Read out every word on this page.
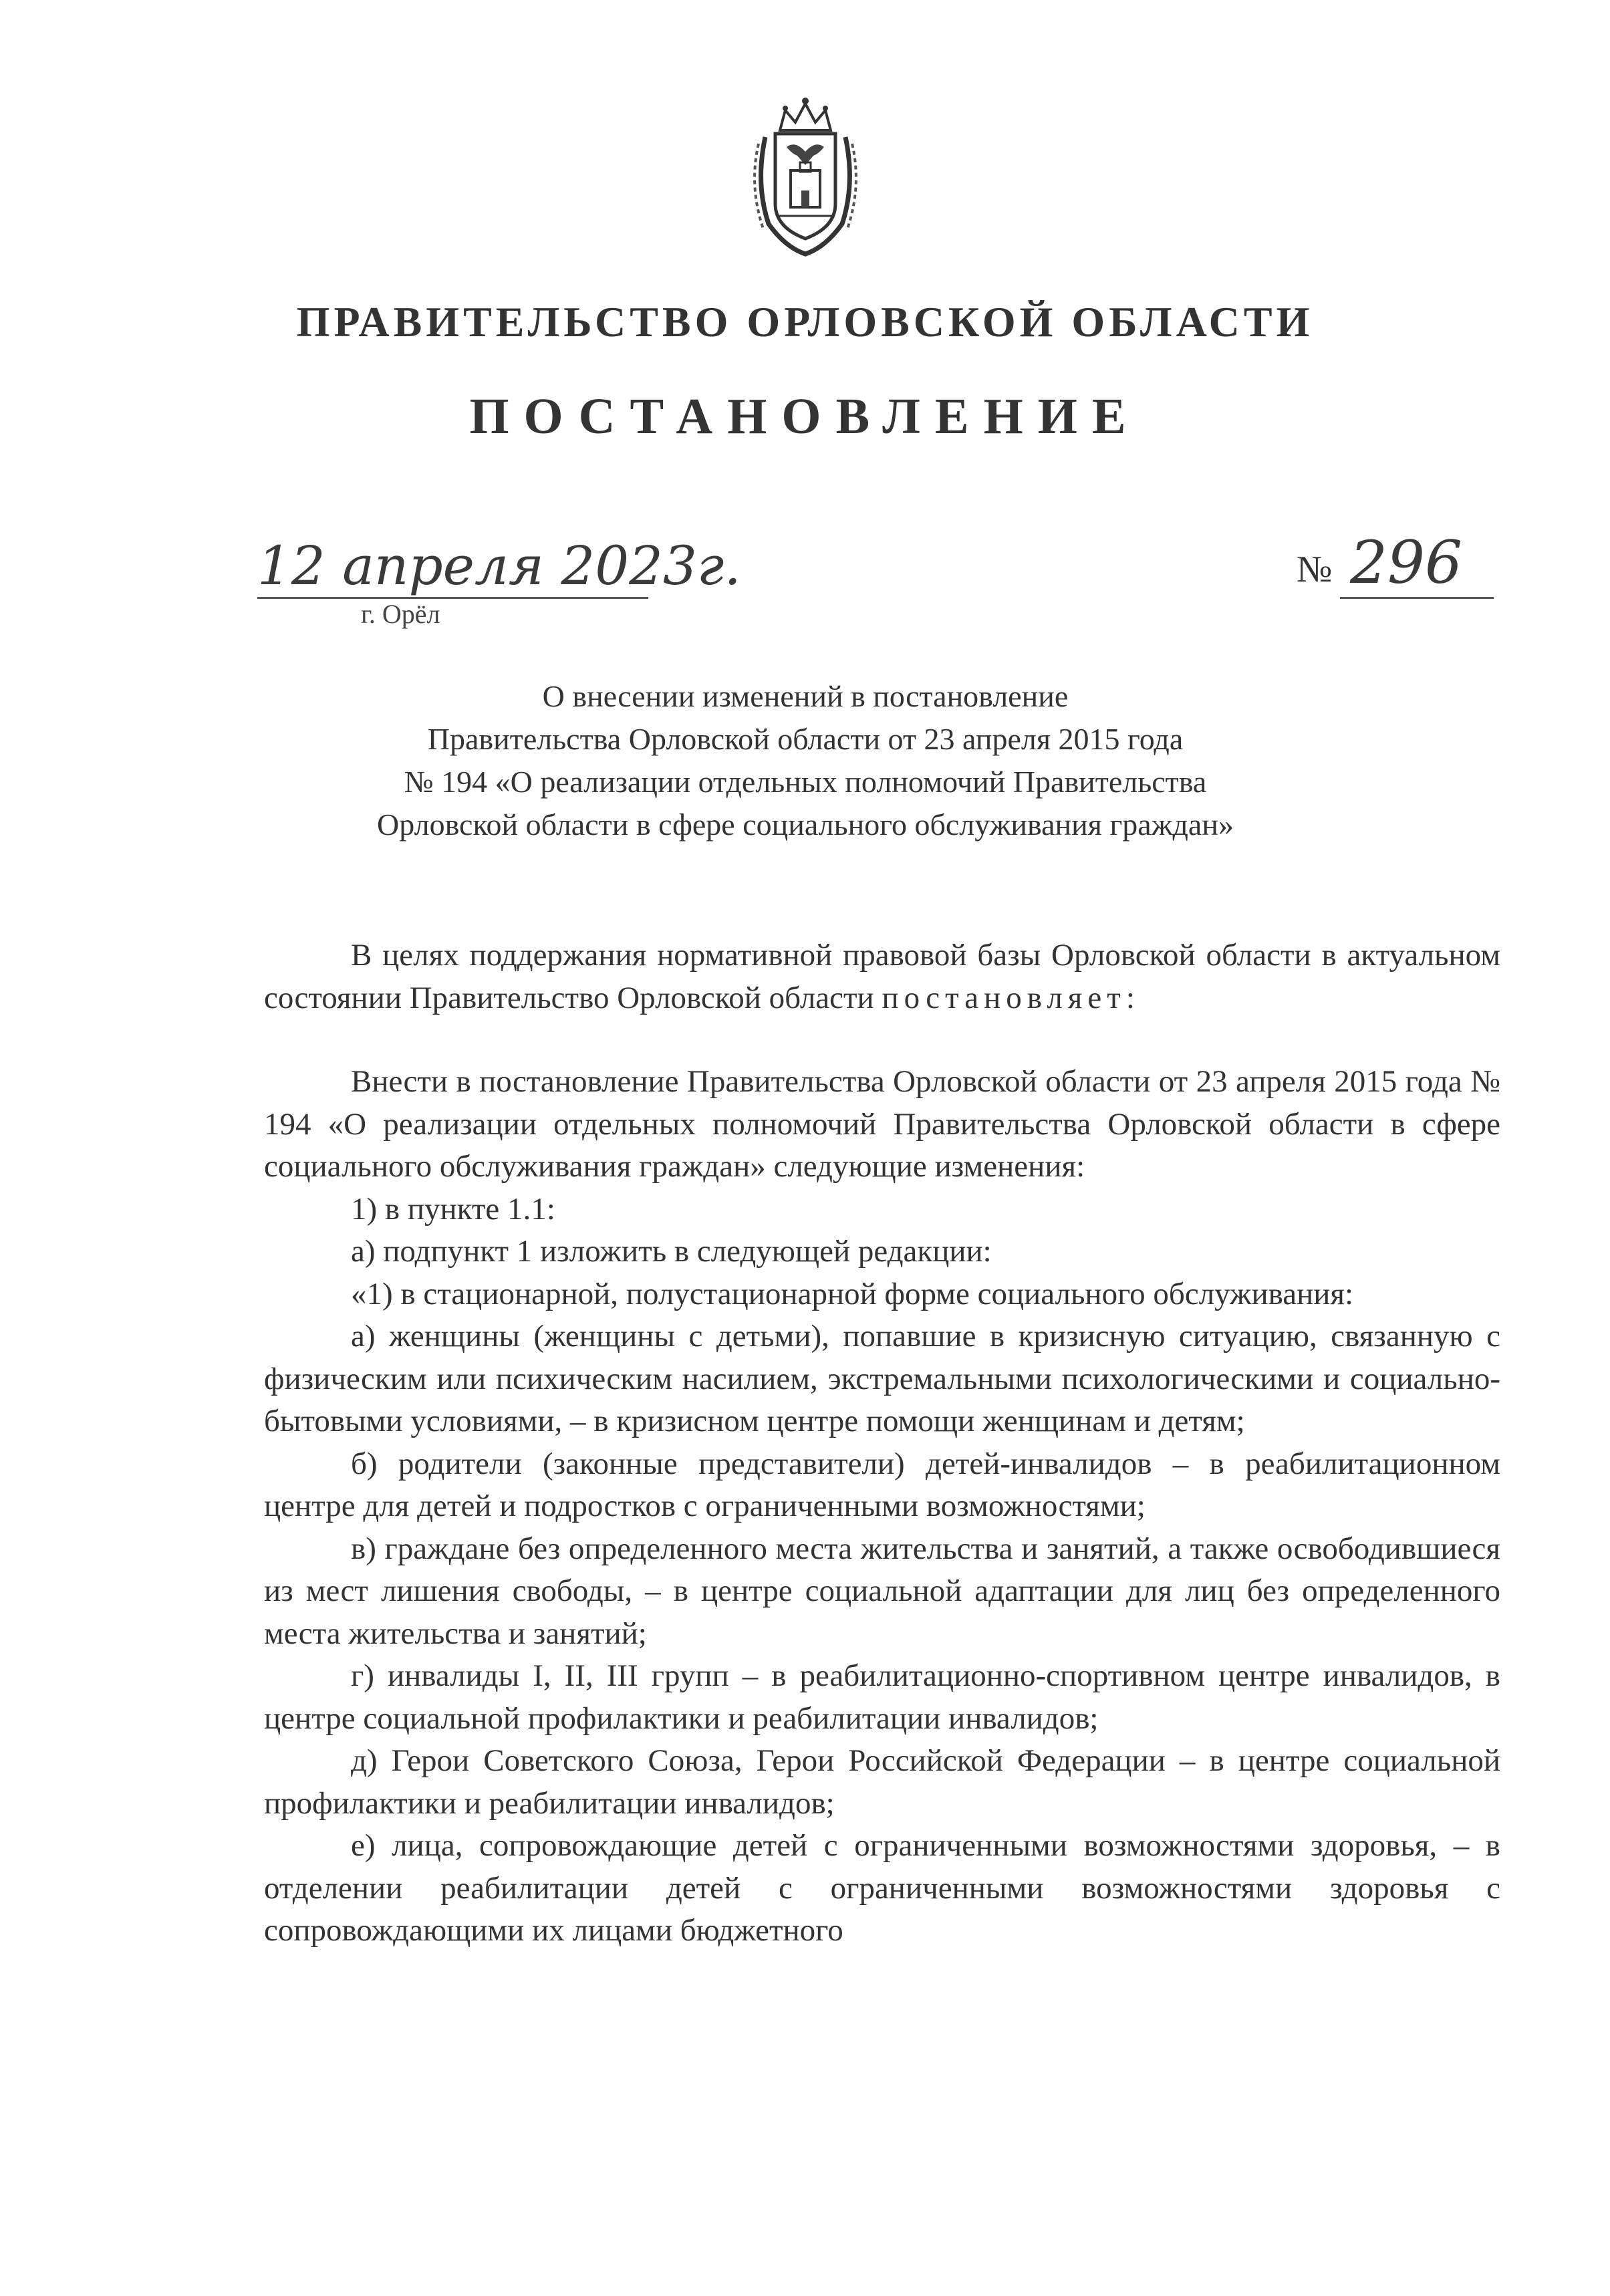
ПРАВИТЕЛЬСТВО ОРЛОВСКОЙ ОБЛАСТИ
ПОСТАНОВЛЕНИЕ
12 апреля 2023г.
г. Орёл
№ 296
О внесении изменений в постановление
Правительства Орловской области от 23 апреля 2015 года
№ 194 «О реализации отдельных полномочий Правительства
Орловской области в сфере социального обслуживания граждан»

В целях поддержания нормативной правовой базы Орловской области в актуальном состоянии Правительство Орловской области постановляет:

Внести в постановление Правительства Орловской области от 23 апреля 2015 года № 194 «О реализации отдельных полномочий Правительства Орловской области в сфере социального обслуживания граждан» следующие изменения:

1) в пункте 1.1:

а) подпункт 1 изложить в следующей редакции:

«1) в стационарной, полустационарной форме социального обслуживания:

а) женщины (женщины с детьми), попавшие в кризисную ситуацию, связанную с физическим или психическим насилием, экстремальными психологическими и социально-бытовыми условиями, – в кризисном центре помощи женщинам и детям;

б) родители (законные представители) детей-инвалидов – в реабилитационном центре для детей и подростков с ограниченными возможностями;

в) граждане без определенного места жительства и занятий, а также освободившиеся из мест лишения свободы, – в центре социальной адаптации для лиц без определенного места жительства и занятий;

г) инвалиды I, II, III групп – в реабилитационно-спортивном центре инвалидов, в центре социальной профилактики и реабилитации инвалидов;

д) Герои Советского Союза, Герои Российской Федерации – в центре социальной профилактики и реабилитации инвалидов;

е) лица, сопровождающие детей с ограниченными возможностями здоровья, – в отделении реабилитации детей с ограниченными возможностями здоровья с сопровождающими их лицами бюджетного
